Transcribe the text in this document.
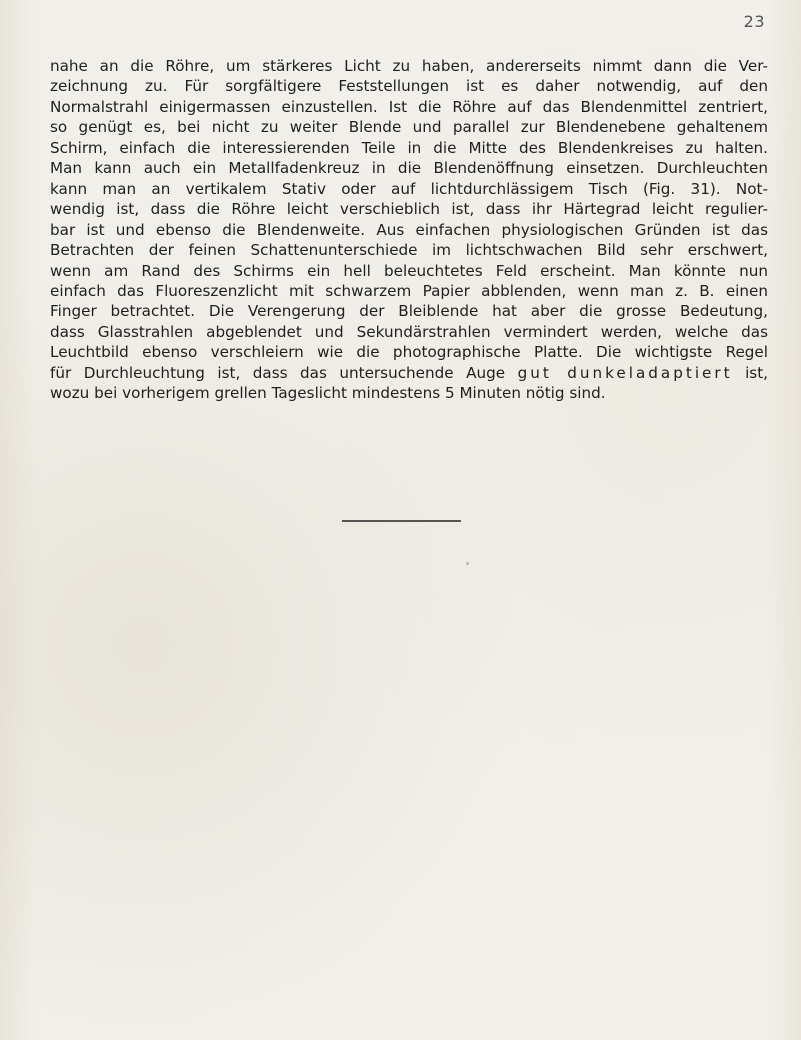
23
nahe an die Röhre, um stärkeres Licht zu haben, andererseits nimmt dann die Ver-
zeichnung zu. Für sorgfältigere Feststellungen ist es daher notwendig, auf den
Normalstrahl einigermassen einzustellen. Ist die Röhre auf das Blendenmittel zentriert,
so genügt es, bei nicht zu weiter Blende und parallel zur Blendenebene gehaltenem
Schirm, einfach die interessierenden Teile in die Mitte des Blendenkreises zu halten.
Man kann auch ein Metallfadenkreuz in die Blendenöffnung einsetzen. Durchleuchten
kann man an vertikalem Stativ oder auf lichtdurchlässigem Tisch (Fig. 31). Not-
wendig ist, dass die Röhre leicht verschieblich ist, dass ihr Härtegrad leicht regulier-
bar ist und ebenso die Blendenweite. Aus einfachen physiologischen Gründen ist das
Betrachten der feinen Schattenunterschiede im lichtschwachen Bild sehr erschwert,
wenn am Rand des Schirms ein hell beleuchtetes Feld erscheint. Man könnte nun
einfach das Fluoreszenzlicht mit schwarzem Papier abblenden, wenn man z. B. einen
Finger betrachtet. Die Verengerung der Bleiblende hat aber die grosse Bedeutung,
dass Glasstrahlen abgeblendet und Sekundärstrahlen vermindert werden, welche das
Leuchtbild ebenso verschleiern wie die photographische Platte. Die wichtigste Regel
für Durchleuchtung ist, dass das untersuchende Auge gut dunkeladaptiert ist,
wozu bei vorherigem grellen Tageslicht mindestens 5 Minuten nötig sind.
